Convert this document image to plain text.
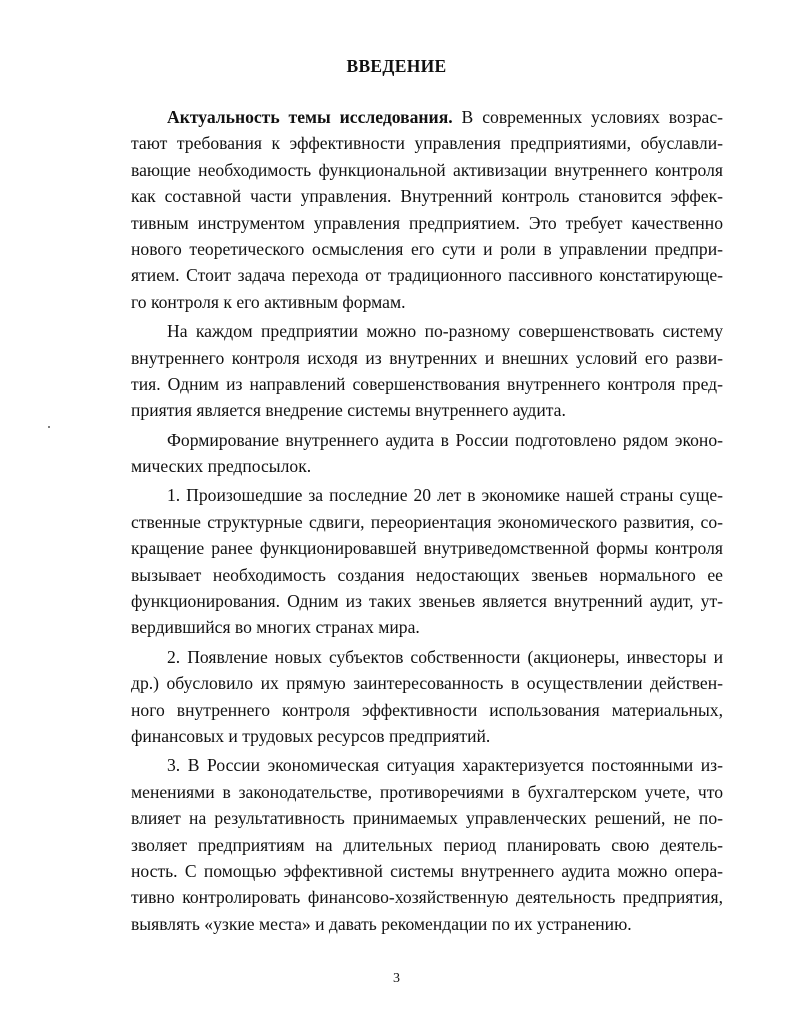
ВВЕДЕНИЕ
Актуальность темы исследования. В современных условиях возрас-
тают требования к эффективности управления предприятиями, обуславли-
вающие необходимость функциональной активизации внутреннего контроля
как составной части управления. Внутренний контроль становится эффек-
тивным инструментом управления предприятием. Это требует качественно
нового теоретического осмысления его сути и роли в управлении предпри-
ятием. Стоит задача перехода от традиционного пассивного констатирующе-
го контроля к его активным формам.
На каждом предприятии можно по-разному совершенствовать систему
внутреннего контроля исходя из внутренних и внешних условий его разви-
тия. Одним из направлений совершенствования внутреннего контроля пред-
приятия является внедрение системы внутреннего аудита.
Формирование внутреннего аудита в России подготовлено рядом эконо-
мических предпосылок.
1. Произошедшие за последние 20 лет в экономике нашей страны суще-
ственные структурные сдвиги, переориентация экономического развития, со-
кращение ранее функционировавшей внутриведомственной формы контроля
вызывает необходимость создания недостающих звеньев нормального ее
функционирования. Одним из таких звеньев является внутренний аудит, ут-
вердившийся во многих странах мира.
2. Появление новых субъектов собственности (акционеры, инвесторы и
др.) обусловило их прямую заинтересованность в осуществлении действен-
ного внутреннего контроля эффективности использования материальных,
финансовых и трудовых ресурсов предприятий.
3. В России экономическая ситуация характеризуется постоянными из-
менениями в законодательстве, противоречиями в бухгалтерском учете, что
влияет на результативность принимаемых управленческих решений, не по-
зволяет предприятиям на длительных период планировать свою деятель-
ность. С помощью эффективной системы внутреннего аудита можно опера-
тивно контролировать финансово-хозяйственную деятельность предприятия,
выявлять «узкие места» и давать рекомендации по их устранению.
3
